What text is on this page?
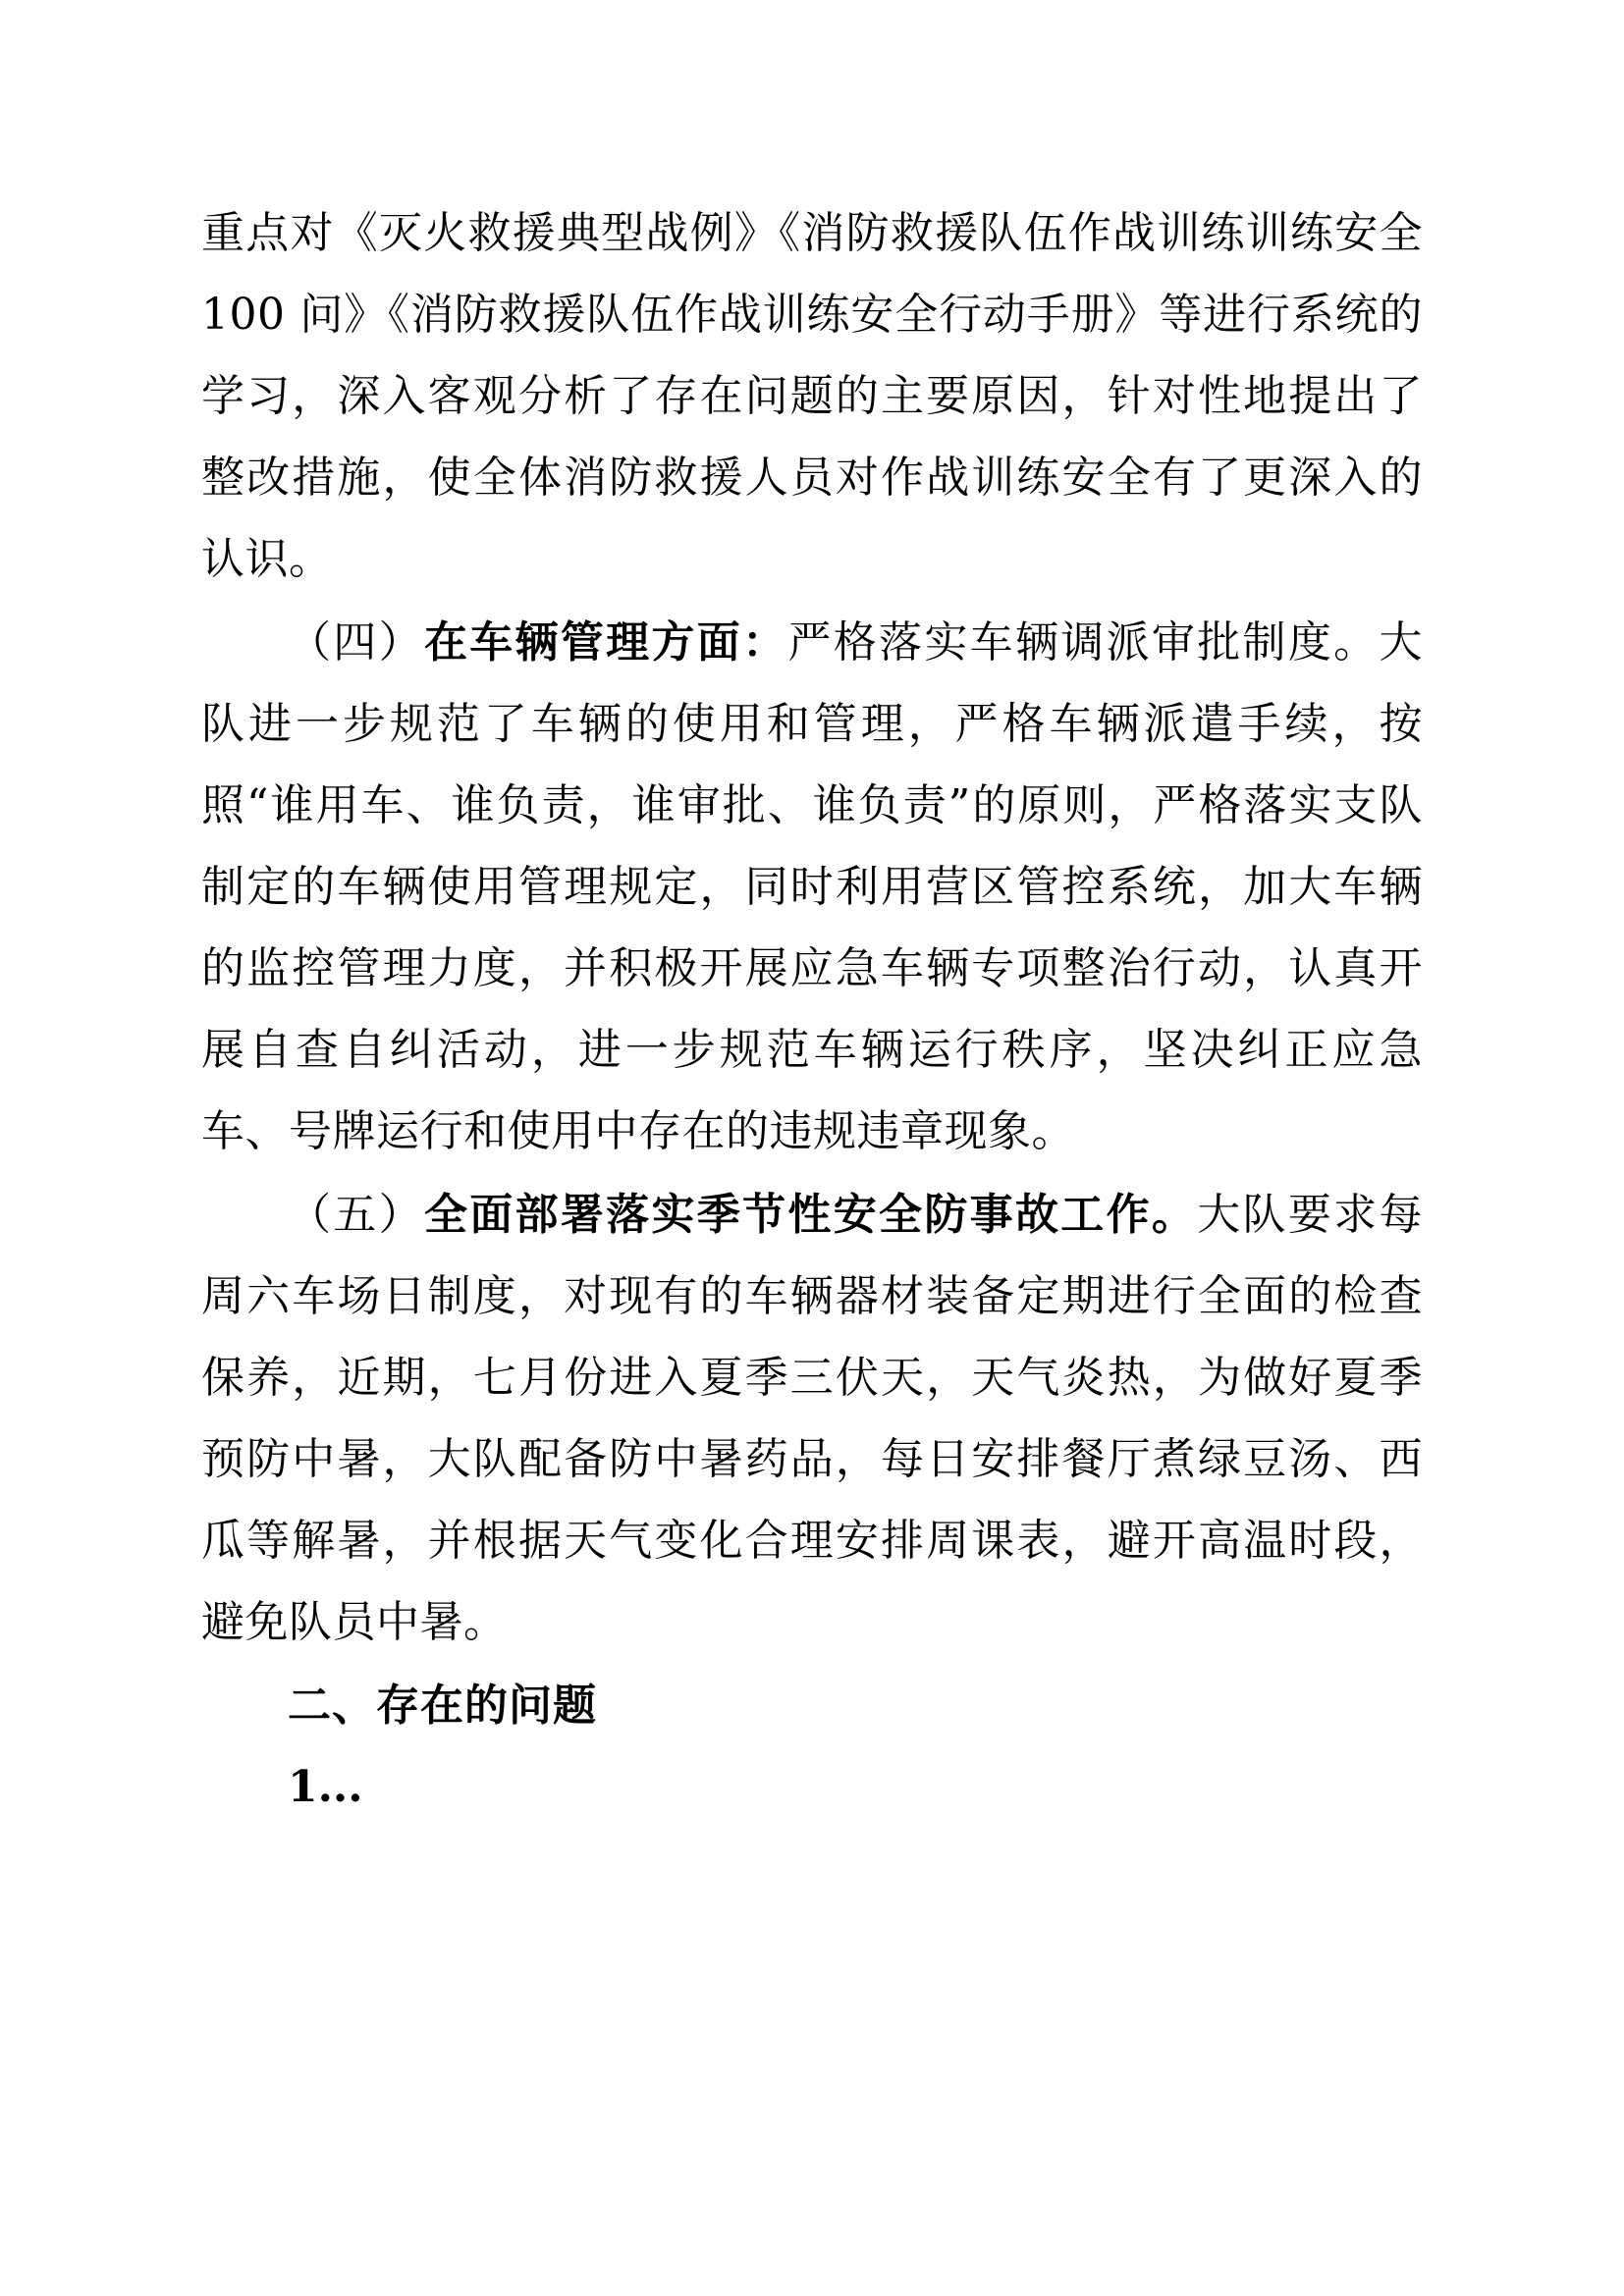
重点对《灭火救援典型战例》《消防救援队伍作战训练训练安全 100 问》《消防救援队伍作战训练安全行动手册》等进行系统的学习，深入客观分析了存在问题的主要原因，针对性地提出了整改措施，使全体消防救援人员对作战训练安全有了更深入的认识。

（四）在车辆管理方面：严格落实车辆调派审批制度。大队进一步规范了车辆的使用和管理，严格车辆派遣手续，按照“谁用车、谁负责，谁审批、谁负责”的原则，严格落实支队制定的车辆使用管理规定，同时利用营区管控系统，加大车辆的监控管理力度，并积极开展应急车辆专项整治行动，认真开展自查自纠活动，进一步规范车辆运行秩序，坚决纠正应急车、号牌运行和使用中存在的违规违章现象。

（五）全面部署落实季节性安全防事故工作。大队要求每周六车场日制度，对现有的车辆器材装备定期进行全面的检查保养，近期，七月份进入夏季三伏天，天气炎热，为做好夏季预防中暑，大队配备防中暑药品，每日安排餐厅煮绿豆汤、西瓜等解暑，并根据天气变化合理安排周课表，避开高温时段，避免队员中暑。

二、存在的问题

1...
